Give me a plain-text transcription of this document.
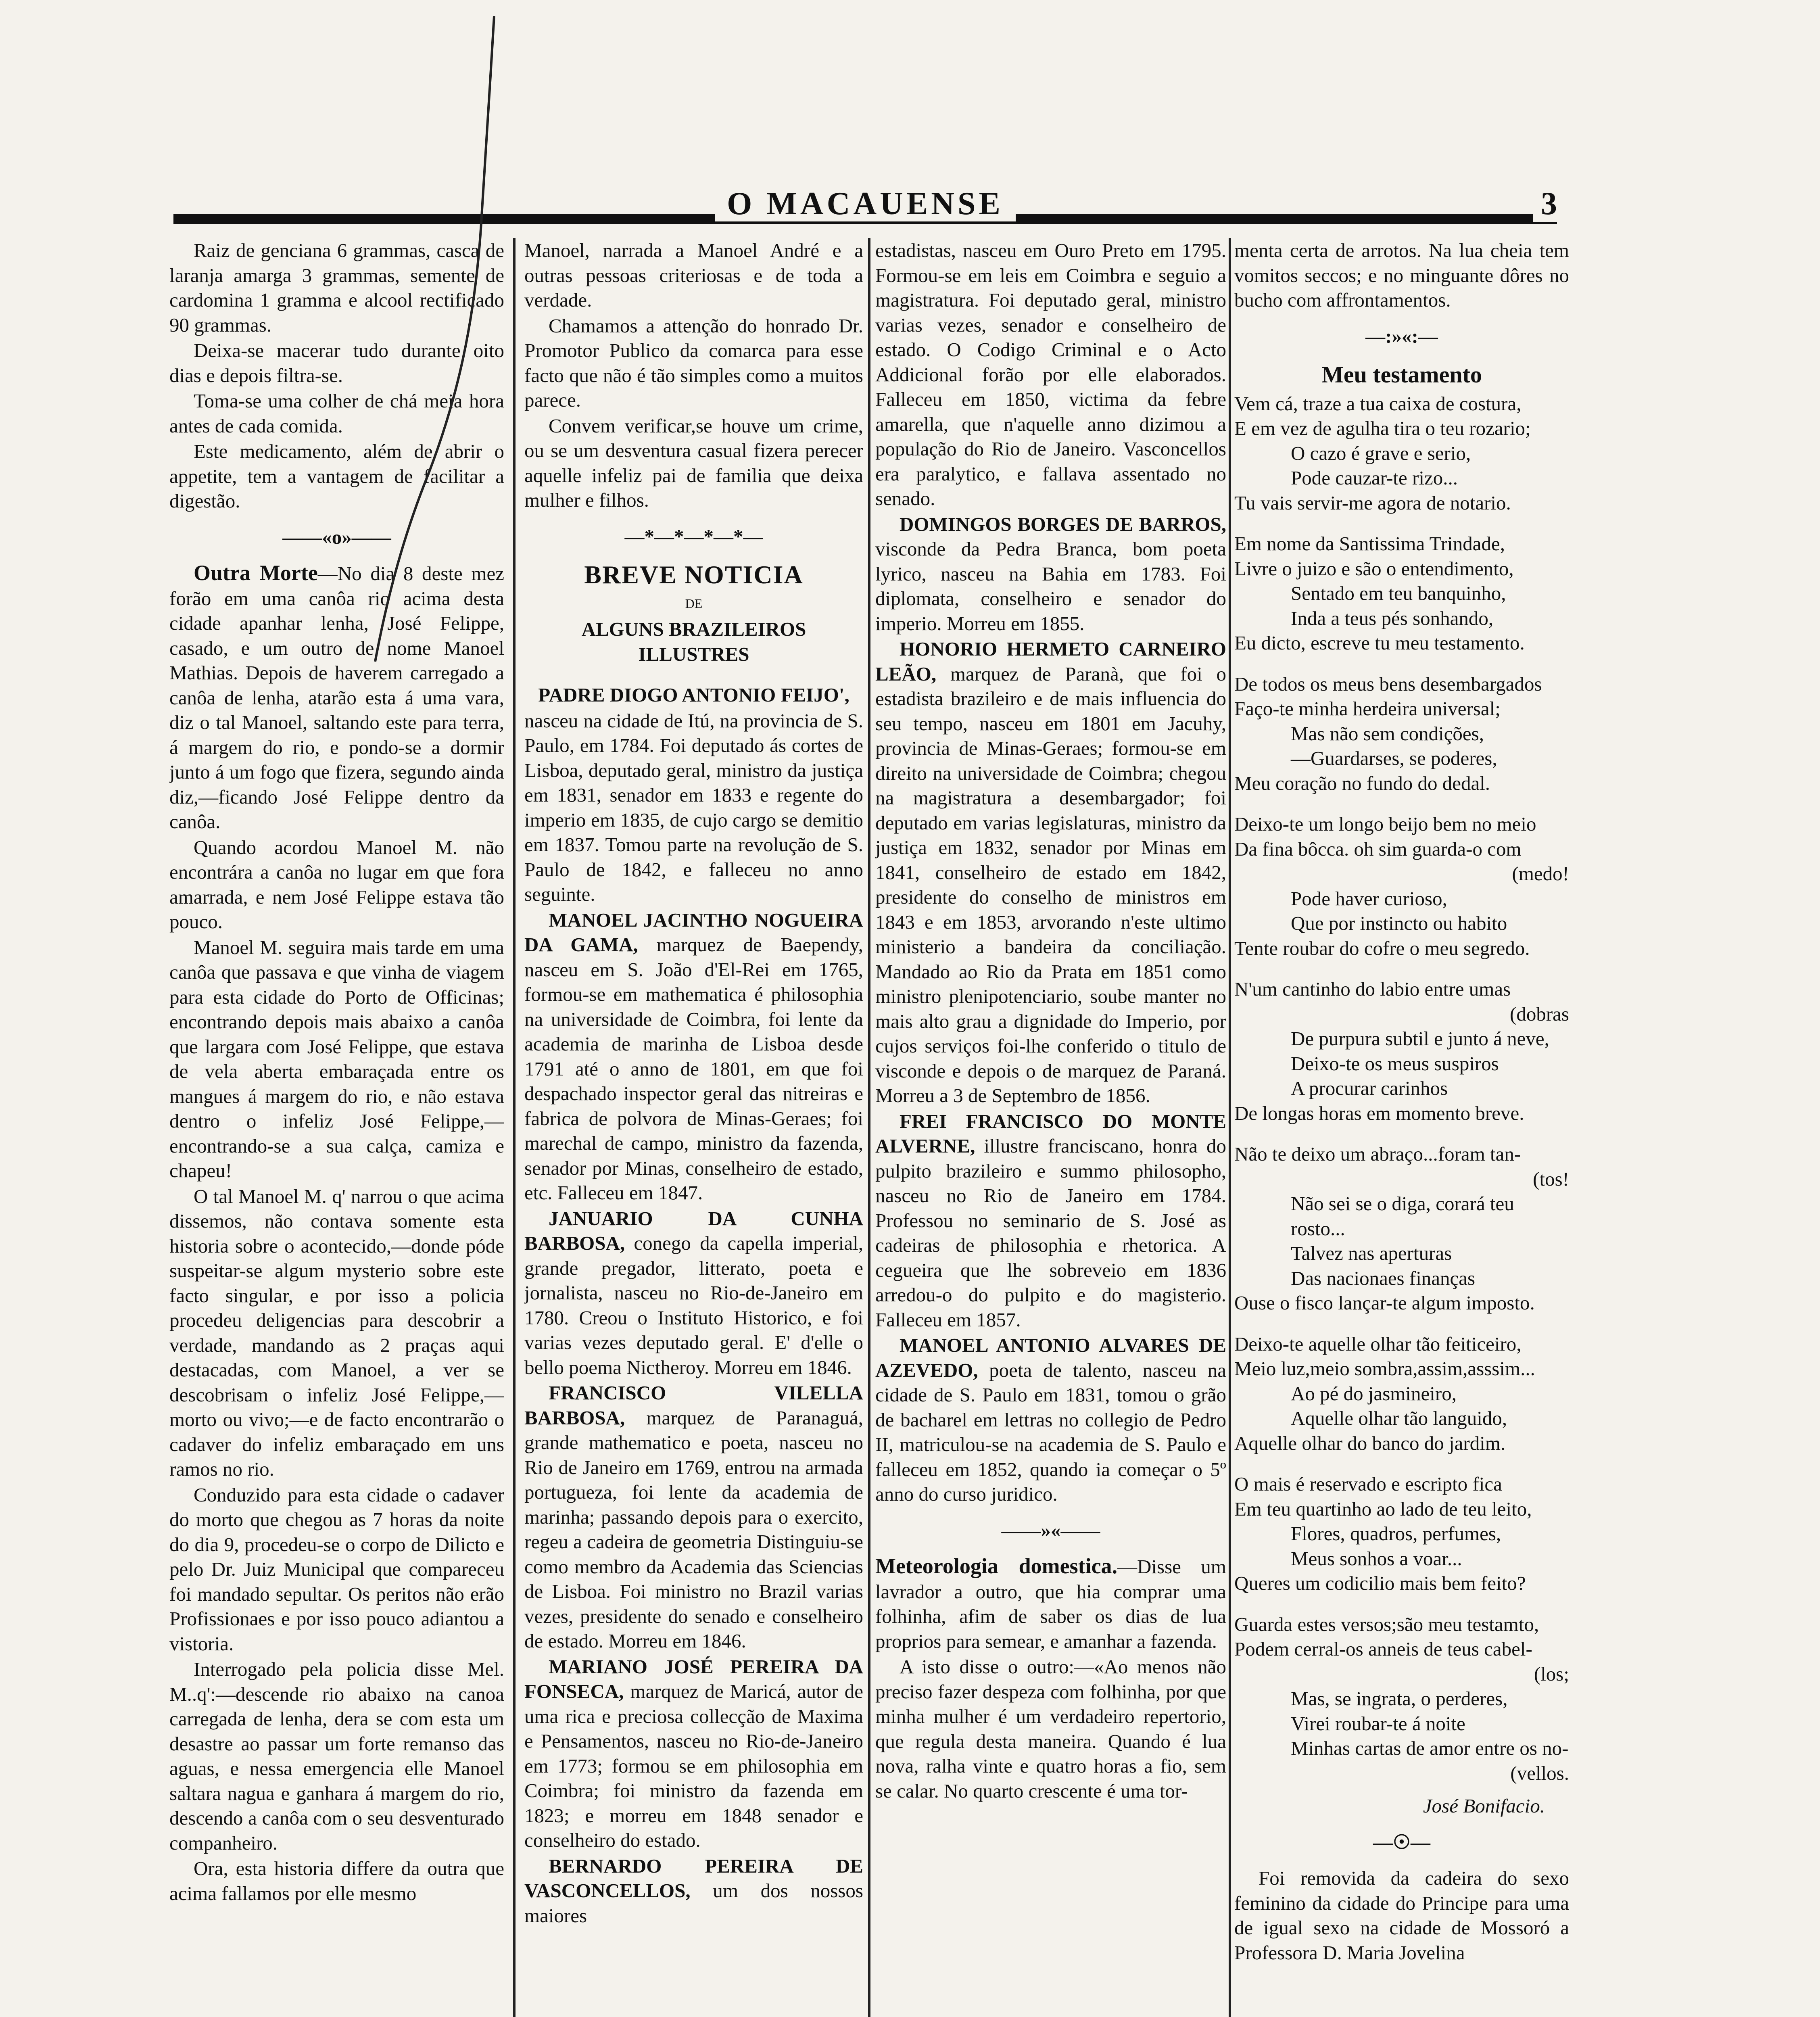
O MACAUENSE	3

Raiz de genciana 6 grammas, casca de laranja amarga 3 grammas, semente de cardomina 1 gramma e alcool rectificado 90 grammas.

Deixa-se macerar tudo durante oito dias e depois filtra-se.

Toma-se uma colher de chá meia hora antes de cada comida.

Este medicamento, além de abrir o appetite, tem a vantagem de facilitar a digestão.

——«o»——

Outra Morte—No dia 8 deste mez forão em uma canôa rio acima desta cidade apanhar lenha, José Felippe, casado, e um outro de nome Manoel Mathias. Depois de haverem carregado a canôa de lenha, atarão esta á uma vara, diz o tal Manoel, saltando este para terra, á margem do rio, e pondo-se a dormir junto á um fogo que fizera, segundo ainda diz,—ficando José Felippe dentro da canôa.

Quando acordou Manoel M. não encontrára a canôa no lugar em que fora amarrada, e nem José Felippe estava tão pouco.

Manoel M. seguira mais tarde em uma canôa que passava e que vinha de viagem para esta cidade do Porto de Officinas; encontrando depois mais abaixo a canôa que largara com José Felippe, que estava de vela aberta embaraçada entre os mangues á margem do rio, e não estava dentro o infeliz José Felippe,—encontrando-se a sua calça, camiza e chapeu!

O tal Manoel M. q' narrou o que acima dissemos, não contava somente esta historia sobre o acontecido,—donde póde suspeitar-se algum mysterio sobre este facto singular, e por isso a policia procedeu deligencias para descobrir a verdade, mandando as 2 praças aqui destacadas, com Manoel, a ver se descobrisam o infeliz José Felippe,—morto ou vivo;—e de facto encontrarão o cadaver do infeliz embaraçado em uns ramos no rio.

Conduzido para esta cidade o cadaver do morto que chegou as 7 horas da noite do dia 9, procedeu-se o corpo de Dilicto e pelo Dr. Juiz Municipal que compareceu foi mandado sepultar. Os peritos não erão Profissionaes e por isso pouco adiantou a vistoria.

Interrogado pela policia disse Mel. M..q':—descende rio abaixo na canoa carregada de lenha, dera se com esta um desastre ao passar um forte remanso das aguas, e nessa emergencia elle Manoel saltara nagua e ganhara á margem do rio, descendo a canôa com o seu desventurado companheiro.

Ora, esta historia differe da outra que acima fallamos por elle mesmo

Manoel, narrada a Manoel André e a outras pessoas criteriosas e de toda a verdade.

Chamamos a attenção do honrado Dr. Promotor Publico da comarca para esse facto que não é tão simples como a muitos parece.

Convem verificar,se houve um crime, ou se um desventura casual fizera perecer aquelle infeliz pai de familia que deixa mulher e filhos.

—*—*—*—*—

BREVE NOTICIA

DE

ALGUNS BRAZILEIROS ILLUSTRES

PADRE DIOGO ANTONIO FEIJO',

nasceu na cidade de Itú, na provincia de S. Paulo, em 1784. Foi deputado ás cortes de Lisboa, deputado geral, ministro da justiça em 1831, senador em 1833 e regente do imperio em 1835, de cujo cargo se demitio em 1837. Tomou parte na revolução de S. Paulo de 1842, e falleceu no anno seguinte.

MANOEL JACINTHO NOGUEIRA DA GAMA, marquez de Baependy, nasceu em S. João d'El-Rei em 1765, formou-se em mathematica é philosophia na universidade de Coimbra, foi lente da academia de marinha de Lisboa desde 1791 até o anno de 1801, em que foi despachado inspector geral das nitreiras e fabrica de polvora de Minas-Geraes; foi marechal de campo, ministro da fazenda, senador por Minas, conselheiro de estado, etc. Falleceu em 1847.

JANUARIO DA CUNHA BARBOSA, conego da capella imperial, grande pregador, litterato, poeta e jornalista, nasceu no Rio-de-Janeiro em 1780. Creou o Instituto Historico, e foi varias vezes deputado geral. E' d'elle o bello poema Nictheroy. Morreu em 1846.

FRANCISCO VILELLA BARBOSA, marquez de Paranaguá, grande mathematico e poeta, nasceu no Rio de Janeiro em 1769, entrou na armada portugueza, foi lente da academia de marinha; passando depois para o exercito, regeu a cadeira de geometria Distinguiu-se como membro da Academia das Sciencias de Lisboa. Foi ministro no Brazil varias vezes, presidente do senado e conselheiro de estado. Morreu em 1846.

MARIANO JOSÉ PEREIRA DA FONSECA, marquez de Maricá, autor de uma rica e preciosa collecção de Maxima e Pensamentos, nasceu no Rio-de-Janeiro em 1773; formou se em philosophia em Coimbra; foi ministro da fazenda em 1823; e morreu em 1848 senador e conselheiro do estado.

BERNARDO PEREIRA DE VASCONCELLOS, um dos nossos maiores

estadistas, nasceu em Ouro Preto em 1795. Formou-se em leis em Coimbra e seguio a magistratura. Foi deputado geral, ministro varias vezes, senador e conselheiro de estado. O Codigo Criminal e o Acto Addicional forão por elle elaborados. Falleceu em 1850, victima da febre amarella, que n'aquelle anno dizimou a população do Rio de Janeiro. Vasconcellos era paralytico, e fallava assentado no senado.

DOMINGOS BORGES DE BARROS, visconde da Pedra Branca, bom poeta lyrico, nasceu na Bahia em 1783. Foi diplomata, conselheiro e senador do imperio. Morreu em 1855.

HONORIO HERMETO CARNEIRO LEÃO, marquez de Paranà, que foi o estadista brazileiro e de mais influencia do seu tempo, nasceu em 1801 em Jacuhy, provincia de Minas-Geraes; formou-se em direito na universidade de Coimbra; chegou na magistratura a desembargador; foi deputado em varias legislaturas, ministro da justiça em 1832, senador por Minas em 1841, conselheiro de estado em 1842, presidente do conselho de ministros em 1843 e em 1853, arvorando n'este ultimo ministerio a bandeira da conciliação. Mandado ao Rio da Prata em 1851 como ministro plenipotenciario, soube manter no mais alto grau a dignidade do Imperio, por cujos serviços foi-lhe conferido o titulo de visconde e depois o de marquez de Paraná. Morreu a 3 de Septembro de 1856.

FREI FRANCISCO DO MONTE ALVERNE, illustre franciscano, honra do pulpito brazileiro e summo philosopho, nasceu no Rio de Janeiro em 1784. Professou no seminario de S. José as cadeiras de philosophia e rhetorica. A cegueira que lhe sobreveio em 1836 arredou-o do pulpito e do magisterio. Falleceu em 1857.

MANOEL ANTONIO ALVARES DE AZEVEDO, poeta de talento, nasceu na cidade de S. Paulo em 1831, tomou o grão de bacharel em lettras no collegio de Pedro II, matriculou-se na academia de S. Paulo e falleceu em 1852, quando ia começar o 5º anno do curso juridico.

——»«——

Meteorologia domestica.—Disse um lavrador a outro, que hia comprar uma folhinha, afim de saber os dias de lua proprios para semear, e amanhar a fazenda.

A isto disse o outro:—«Ao menos não preciso fazer despeza com folhinha, por que minha mulher é um verdadeiro repertorio, que regula desta maneira. Quando é lua nova, ralha vinte e quatro horas a fio, sem se calar. No quarto crescente é uma tor-

menta certa de arrotos. Na lua cheia tem vomitos seccos; e no minguante dôres no bucho com affrontamentos.

—:»«:—

Meu testamento

Vem cá, traze a tua caixa de costura,

E em vez de agulha tira o teu rozario;

O cazo é grave e serio,

Pode cauzar-te rizo...

Tu vais servir-me agora de notario.

Em nome da Santissima Trindade,

Livre o juizo e são o entendimento,

Sentado em teu banquinho,

Inda a teus pés sonhando,

Eu dicto, escreve tu meu testamento.

De todos os meus bens desembargados

Faço-te minha herdeira universal;

Mas não sem condições,

—Guardarses, se poderes,

Meu coração no fundo do dedal.

Deixo-te um longo beijo bem no meio

Da fina bôcca. oh sim guarda-o com

(medo!

Pode haver curioso,

Que por instincto ou habito

Tente roubar do cofre o meu segredo.

N'um cantinho do labio entre umas

(dobras

De purpura subtil e junto á neve,

Deixo-te os meus suspiros

A procurar carinhos

De longas horas em momento breve.

Não te deixo um abraço...foram tan-

(tos!

Não sei se o diga, corará teu rosto...

Talvez nas aperturas

Das nacionaes finanças

Ouse o fisco lançar-te algum imposto.

Deixo-te aquelle olhar tão feiticeiro,

Meio luz,meio sombra,assim,asssim...

Ao pé do jasmineiro,

Aquelle olhar tão languido,

Aquelle olhar do banco do jardim.

O mais é reservado e escripto fica

Em teu quartinho ao lado de teu leito,

Flores, quadros, perfumes,

Meus sonhos a voar...

Queres um codicilio mais bem feito?

Guarda estes versos;são meu testamto,

Podem cerral-os anneis de teus cabel-

(los;

Mas, se ingrata, o perderes,

Virei roubar-te á noite

Minhas cartas de amor entre os no-

(vellos.

José Bonifacio.

—☉—

Foi removida da cadeira do sexo feminino da cidade do Principe para uma de igual sexo na cidade de Mossoró a Professora D. Maria Jovelina
